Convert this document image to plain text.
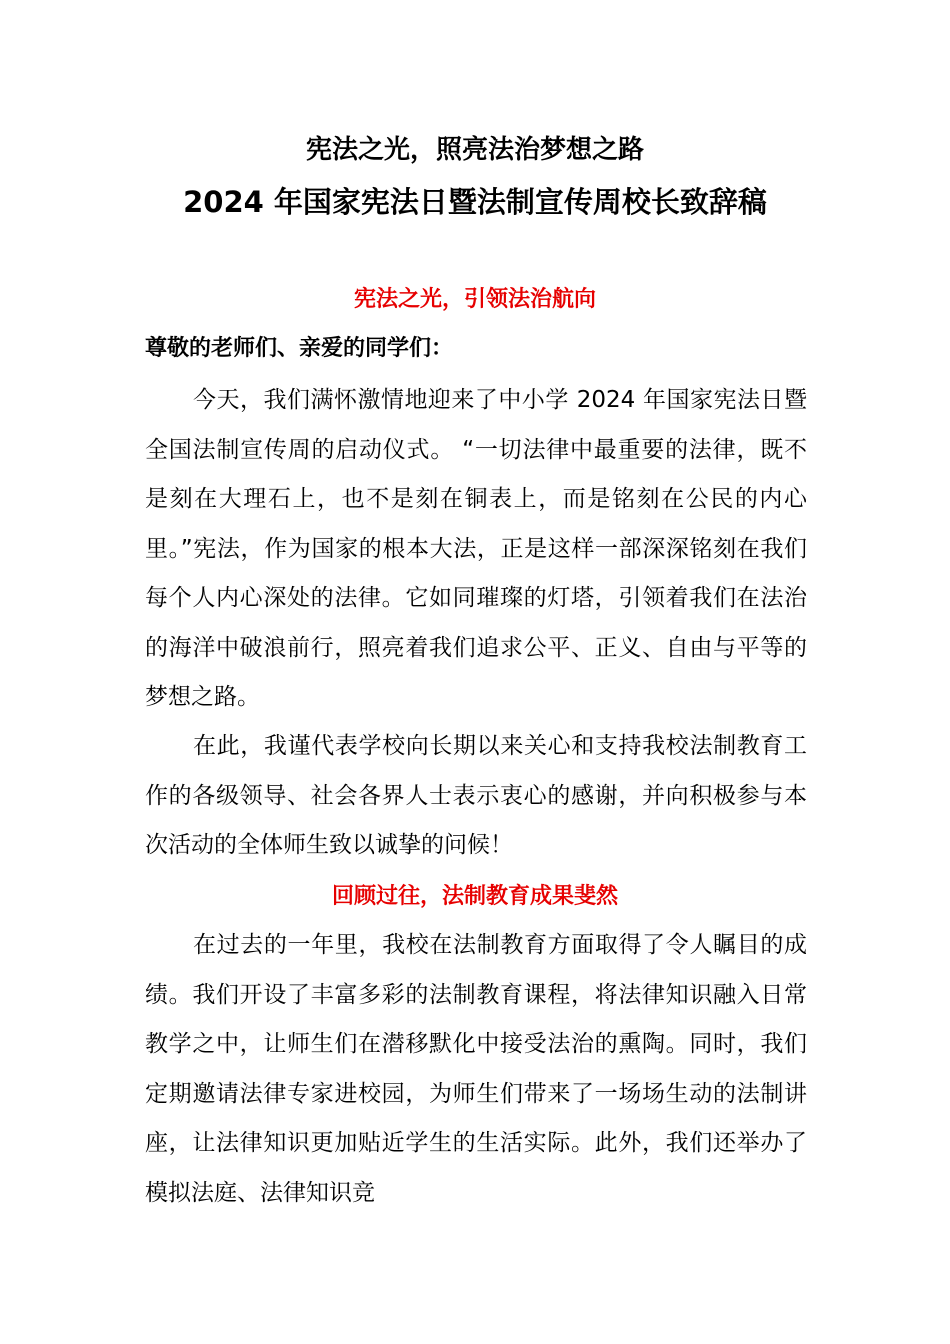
宪法之光，照亮法治梦想之路
2024 年国家宪法日暨法制宣传周校长致辞稿
宪法之光，引领法治航向
尊敬的老师们、亲爱的同学们：

今天，我们满怀激情地迎来了中小学 2024 年国家宪法日暨全国法制宣传周的启动仪式。 “一切法律中最重要的法律，既不是刻在大理石上，也不是刻在铜表上，而是铭刻在公民的内心里。”宪法，作为国家的根本大法，正是这样一部深深铭刻在我们每个人内心深处的法律。它如同璀璨的灯塔，引领着我们在法治的海洋中破浪前行，照亮着我们追求公平、正义、自由与平等的梦想之路。

在此，我谨代表学校向长期以来关心和支持我校法制教育工作的各级领导、社会各界人士表示衷心的感谢，并向积极参与本次活动的全体师生致以诚挚的问候！

回顾过往，法制教育成果斐然

在过去的一年里，我校在法制教育方面取得了令人瞩目的成绩。我们开设了丰富多彩的法制教育课程，将法律知识融入日常教学之中，让师生们在潜移默化中接受法治的熏陶。同时，我们定期邀请法律专家进校园，为师生们带来了一场场生动的法制讲座，让法律知识更加贴近学生的生活实际。此外，我们还举办了模拟法庭、法律知识竞
